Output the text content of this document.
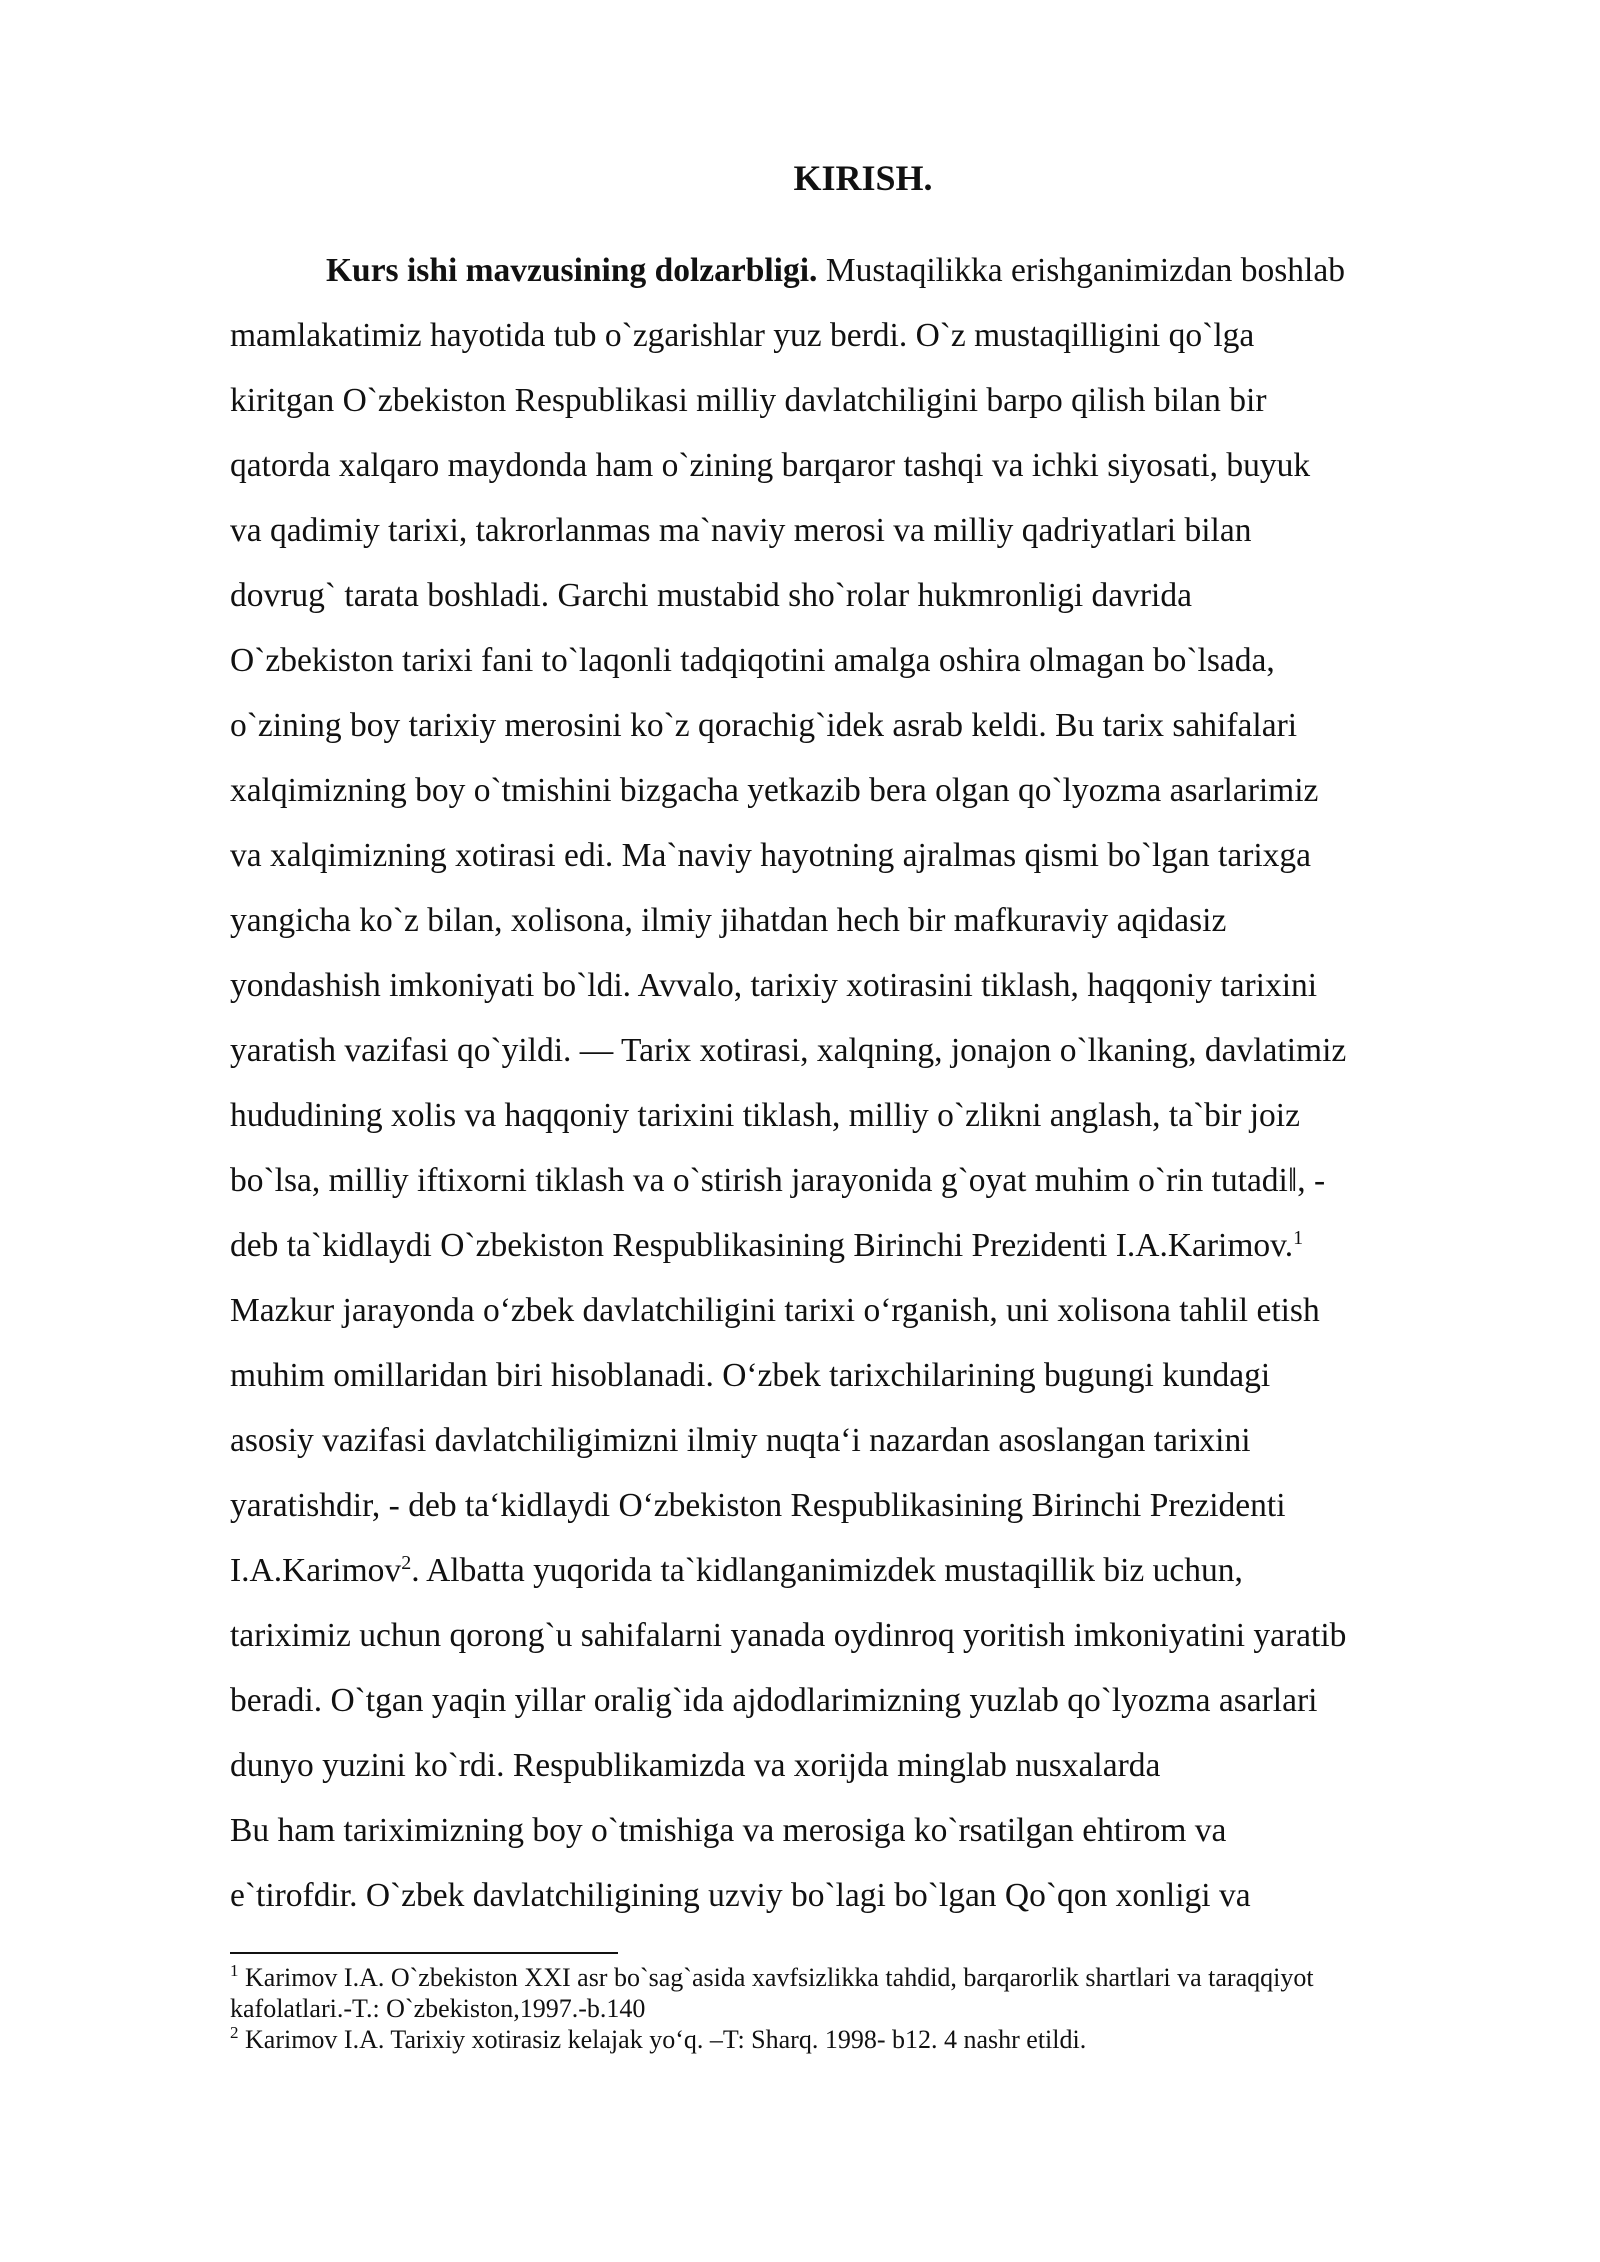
KIRISH.

Kurs ishi mavzusining dolzarbligi. Mustaqilikka erishganimizdan boshlab

mamlakatimiz hayotida tub o`zgarishlar yuz berdi. O`z mustaqilligini qo`lga

kiritgan O`zbekiston Respublikasi milliy davlatchiligini barpo qilish bilan bir

qatorda xalqaro maydonda ham o`zining barqaror tashqi va ichki siyosati, buyuk

va qadimiy tarixi, takrorlanmas ma`naviy merosi va milliy qadriyatlari bilan

dovrug` tarata boshladi. Garchi mustabid sho`rolar hukmronligi davrida

O`zbekiston tarixi fani to`laqonli tadqiqotini amalga oshira olmagan bo`lsada,

o`zining boy tarixiy merosini ko`z qorachig`idek asrab keldi. Bu tarix sahifalari

xalqimizning boy o`tmishini bizgacha yetkazib bera olgan qo`lyozma asarlarimiz

va xalqimizning xotirasi edi. Ma`naviy hayotning ajralmas qismi bo`lgan tarixga

yangicha ko`z bilan, xolisona, ilmiy jihatdan hech bir mafkuraviy aqidasiz

yondashish imkoniyati bo`ldi. Avvalo, tarixiy xotirasini tiklash, haqqoniy tarixini

yaratish vazifasi qo`yildi. ― Tarix xotirasi, xalqning, jonajon o`lkaning, davlatimiz

hududining xolis va haqqoniy tarixini tiklash, milliy o`zlikni anglash, ta`bir joiz

bo`lsa, milliy iftixorni tiklash va o`stirish jarayonida g`oyat muhim o`rin tutadi‖, -

deb ta`kidlaydi O`zbekiston Respublikasining Birinchi Prezidenti I.A.Karimov.$^1$

Mazkur jarayonda o‘zbek davlatchiligini tarixi o‘rganish, uni xolisona tahlil etish

muhim omillaridan biri hisoblanadi. O‘zbek tarixchilarining bugungi kundagi

asosiy vazifasi davlatchiligimizni ilmiy nuqta‘i nazardan asoslangan tarixini

yaratishdir, - deb ta‘kidlaydi O‘zbekiston Respublikasining Birinchi Prezidenti

I.A.Karimov$^2$. Albatta yuqorida ta`kidlanganimizdek mustaqillik biz uchun,

tariximiz uchun qorong`u sahifalarni yanada oydinroq yoritish imkoniyatini yaratib

beradi. O`tgan yaqin yillar oralig`ida ajdodlarimizning yuzlab qo`lyozma asarlari

dunyo yuzini ko`rdi. Respublikamizda va xorijda minglab nusxalarda

Bu ham tariximizning boy o`tmishiga va merosiga ko`rsatilgan ehtirom va

e`tirofdir. O`zbek davlatchiligining uzviy bo`lagi bo`lgan Qo`qon xonligi va

$^1$ Karimov I.A. O`zbekiston XXI asr bo`sag`asida xavfsizlikka tahdid, barqarorlik shartlari va taraqqiyot

kafolatlari.-T.: O`zbekiston,1997.-b.140

$^2$ Karimov I.A. Tarixiy xotirasiz kelajak yo‘q. –T: Sharq. 1998- b12. 4 nashr etildi.
